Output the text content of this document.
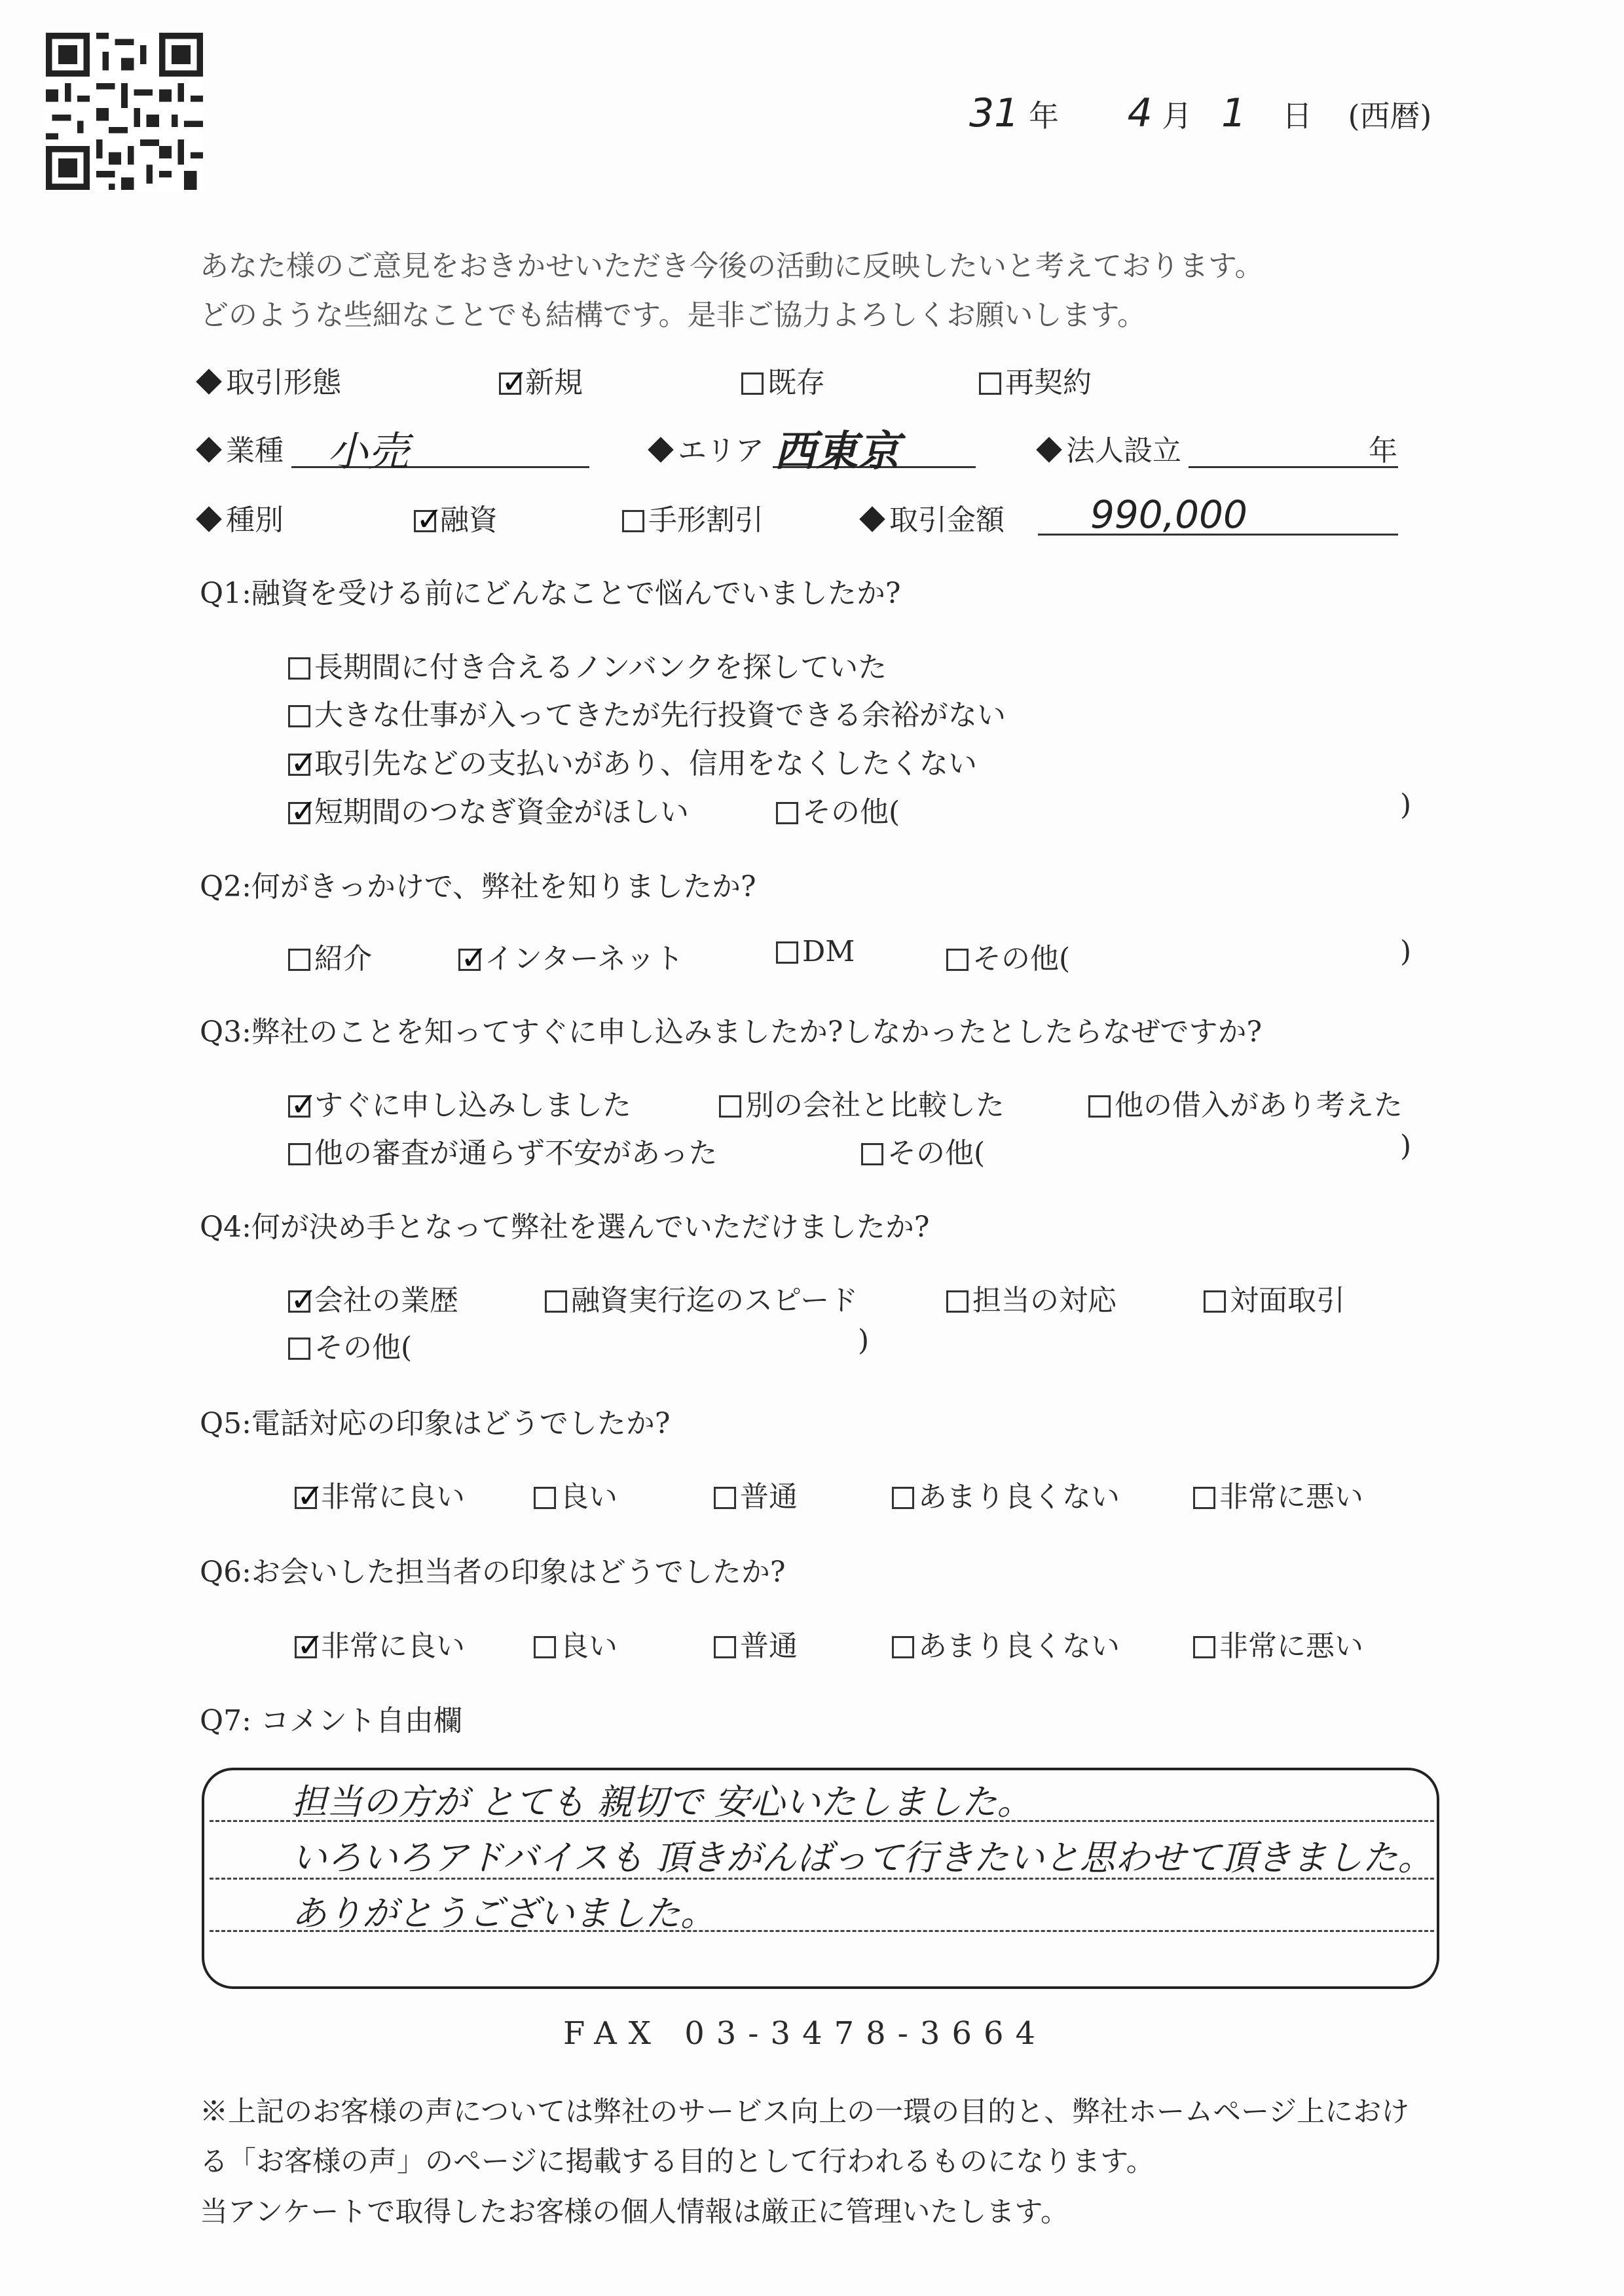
31 年 4 月 1 日 (西暦)
あなた様のご意見をおきかせいただき今後の活動に反映したいと考えております。
どのような些細なことでも結構です。是非ご協力よろしくお願いします。
取引形態 ✓	新規	既存	再契約
業種 小売	エリア 西東京	法人設立	年
種別 ✓	融資	手形割引	取引金額 990,000
Q1:融資を受ける前にどんなことで悩んでいましたか?
長期間に付き合えるノンバンクを探していた
大きな仕事が入ってきたが先行投資できる余裕がない
✓取引先などの支払いがあり、信用をなくしたくない
✓短期間のつなぎ資金がほしい	その他(	)
Q2:何がきっかけで、弊社を知りましたか?
紹介 ✓	インターネット	DM	その他(	)
Q3:弊社のことを知ってすぐに申し込みましたか?しなかったとしたらなぜですか?
✓すぐに申し込みしました	別の会社と比較した	他の借入があり考えた
他の審査が通らず不安があった	その他(	)
Q4:何が決め手となって弊社を選んでいただけましたか?
✓会社の業歴	融資実行迄のスピード	担当の対応	対面取引
その他(	)
Q5:電話対応の印象はどうでしたか?
✓非常に良い	良い	普通	あまり良くない	非常に悪い
Q6:お会いした担当者の印象はどうでしたか?
✓非常に良い	良い	普通	あまり良くない	非常に悪い
Q7: コメント自由欄
担当の方が とても 親切で 安心いたしました。
いろいろアドバイスも 頂きがんばって行きたいと思わせて頂きました。
ありがとうございました。
FAX 03-3478-3664
※上記のお客様の声については弊社のサービス向上の一環の目的と、弊社ホームページ上におけ
る「お客様の声」のページに掲載する目的として行われるものになります。
当アンケートで取得したお客様の個人情報は厳正に管理いたします。
